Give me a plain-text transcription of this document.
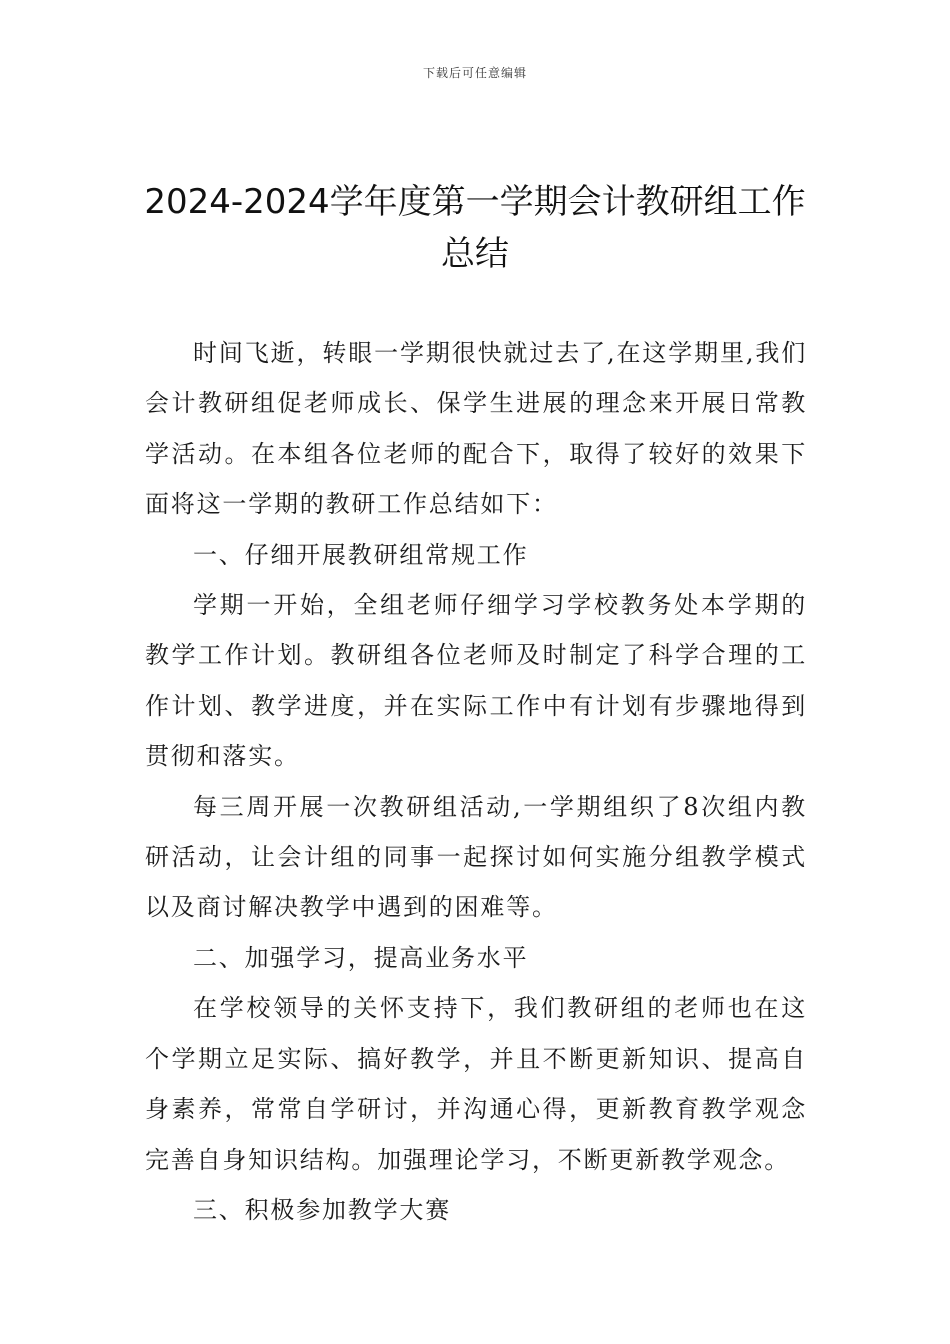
下载后可任意编辑
2024-2024学年度第一学期会计教研组工作
总结

时间飞逝，转眼一学期很快就过去了,在这学期里,我们会计教研组促老师成长、保学生进展的理念来开展日常教学活动。在本组各位老师的配合下，取得了较好的效果下面将这一学期的教研工作总结如下：

一、仔细开展教研组常规工作

学期一开始，全组老师仔细学习学校教务处本学期的教学工作计划。教研组各位老师及时制定了科学合理的工作计划、教学进度，并在实际工作中有计划有步骤地得到贯彻和落实。

每三周开展一次教研组活动,一学期组织了8次组内教研活动，让会计组的同事一起探讨如何实施分组教学模式以及商讨解决教学中遇到的困难等。

二、加强学习，提高业务水平

在学校领导的关怀支持下，我们教研组的老师也在这个学期立足实际、搞好教学，并且不断更新知识、提高自身素养，常常自学研讨，并沟通心得，更新教育教学观念完善自身知识结构。加强理论学习，不断更新教学观念。

三、积极参加教学大赛
